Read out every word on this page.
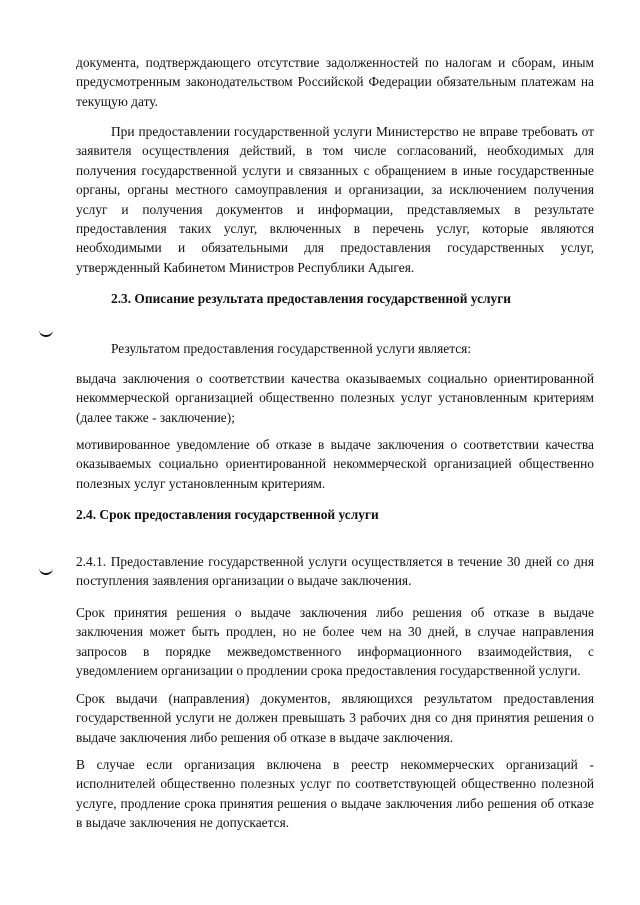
документа, подтверждающего отсутствие задолженностей по налогам и сборам, иным предусмотренным законодательством Российской Федерации обязательным платежам на текущую дату.

При предоставлении государственной услуги Министерство не вправе требовать от заявителя осуществления действий, в том числе согласований, необходимых для получения государственной услуги и связанных с обращением в иные государственные органы, органы местного самоуправления и организации, за исключением получения услуг и получения документов и информации, представляемых в результате предоставления таких услуг, включенных в перечень услуг, которые являются необходимыми и обязательными для предоставления государственных услуг, утвержденный Кабинетом Министров Республики Адыгея.

2.3. Описание результата предоставления государственной услуги

Результатом предоставления государственной услуги является:

выдача заключения о соответствии качества оказываемых социально ориентированной некоммерческой организацией общественно полезных услуг установленным критериям (далее также - заключение);

мотивированное уведомление об отказе в выдаче заключения о соответствии качества оказываемых социально ориентированной некоммерческой организацией общественно полезных услуг установленным критериям.

2.4. Срок предоставления государственной услуги

2.4.1. Предоставление государственной услуги осуществляется в течение 30 дней со дня поступления заявления организации о выдаче заключения.

Срок принятия решения о выдаче заключения либо решения об отказе в выдаче заключения может быть продлен, но не более чем на 30 дней, в случае направления запросов в порядке межведомственного информационного взаимодействия, с уведомлением организации о продлении срока предоставления государственной услуги.

Срок выдачи (направления) документов, являющихся результатом предоставления государственной услуги не должен превышать 3 рабочих дня со дня принятия решения о выдаче заключения либо решения об отказе в выдаче заключения.

В случае если организация включена в реестр некоммерческих организаций - исполнителей общественно полезных услуг по соответствующей общественно полезной услуге, продление срока принятия решения о выдаче заключения либо решения об отказе в выдаче заключения не допускается.
